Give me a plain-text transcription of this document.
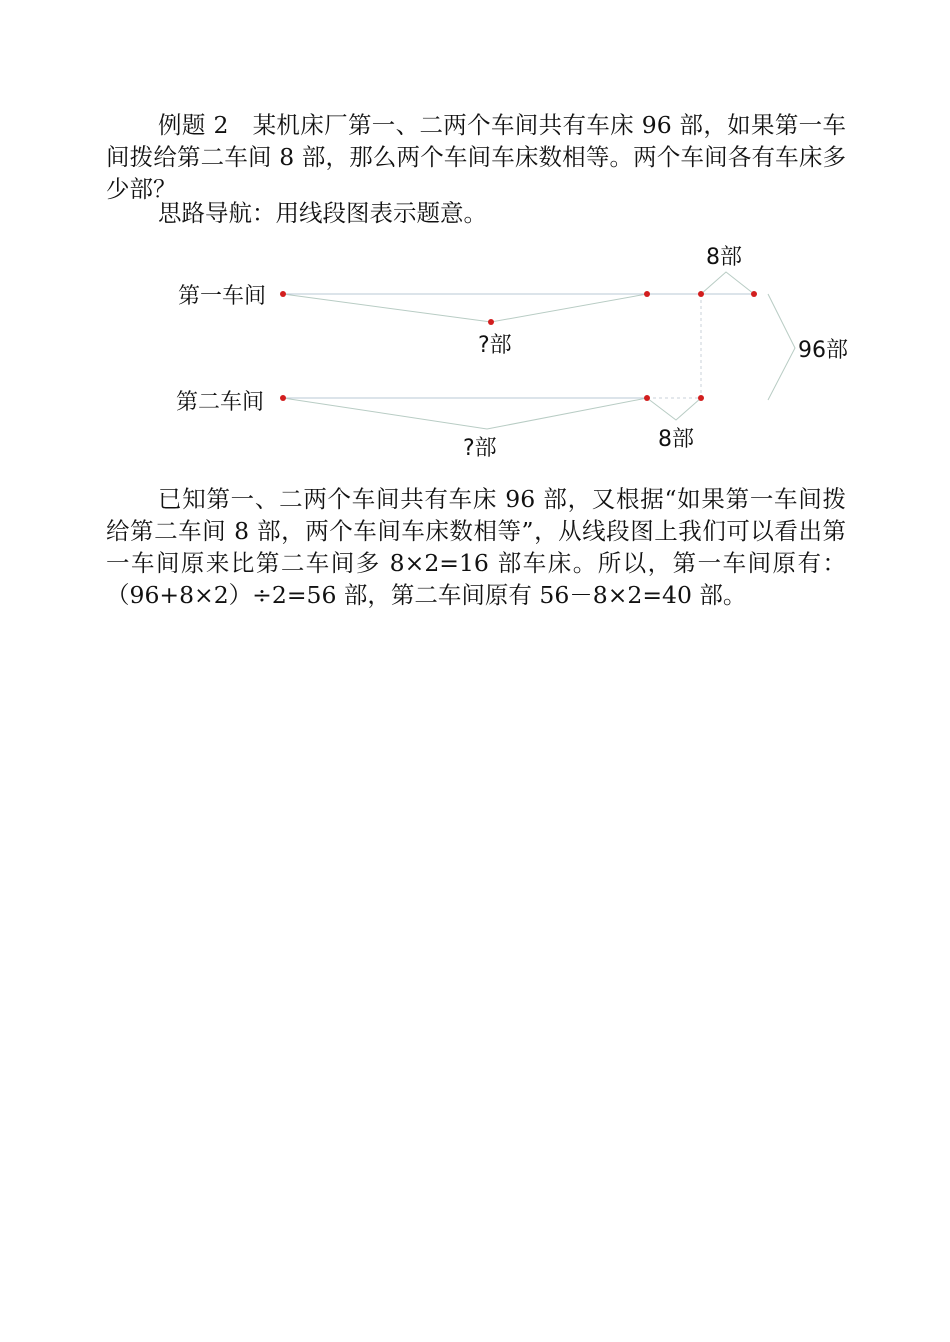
例题 2　某机床厂第一、二两个车间共有车床 96 部，如果第一车间拨给第二车间 8 部，那么两个车间车床数相等。两个车间各有车床多少部？

思路导航：用线段图表示题意。

第一车间
第二车间
8部
96部
?部
?部	8部

已知第一、二两个车间共有车床 96 部，又根据“如果第一车间拨给第二车间 8 部，两个车间车床数相等”，从线段图上我们可以看出第一车间原来比第二车间多 8×2=16 部车床。所以，第一车间原有：（96+8×2）÷2=56 部，第二车间原有 56－8×2=40 部。
